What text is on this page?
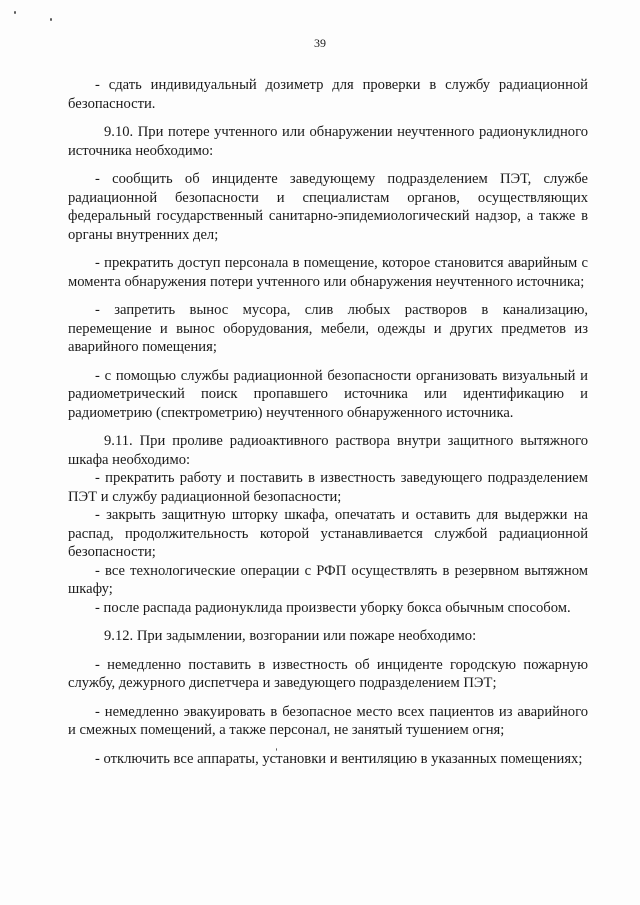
39

- сдать индивидуальный дозиметр для проверки в службу радиационной безопасности.

9.10. При потере учтенного или обнаружении неучтенного радионуклидного источника необходимо:

- сообщить об инциденте заведующему подразделением ПЭТ, службе радиационной безопасности и специалистам органов, осуществляющих федеральный государственный санитарно-эпидемиологический надзор, а также в органы внутренних дел;

- прекратить доступ персонала в помещение, которое становится аварийным с момента обнаружения потери учтенного или обнаружения неучтенного источника;

- запретить вынос мусора, слив любых растворов в канализацию, перемещение и вынос оборудования, мебели, одежды и других предметов из аварийного помещения;

- с помощью службы радиационной безопасности организовать визуальный и радиометрический поиск пропавшего источника или идентификацию и радиометрию (спектрометрию) неучтенного обнаруженного источника.

9.11. При проливе радиоактивного раствора внутри защитного вытяжного шкафа необходимо:

- прекратить работу и поставить в известность заведующего подразделением ПЭТ и службу радиационной безопасности;

- закрыть защитную шторку шкафа, опечатать и оставить для выдержки на распад, продолжительность которой устанавливается службой радиационной безопасности;

- все технологические операции с РФП осуществлять в резервном вытяжном шкафу;

- после распада радионуклида произвести уборку бокса обычным способом.

9.12. При задымлении, возгорании или пожаре необходимо:

- немедленно поставить в известность об инциденте городскую пожарную службу, дежурного диспетчера и заведующего подразделением ПЭТ;

- немедленно эвакуировать в безопасное место всех пациентов из аварийного и смежных помещений, а также персонал, не занятый тушением огня;

- отключить все аппараты, установки и вентиляцию в указанных помещениях;
